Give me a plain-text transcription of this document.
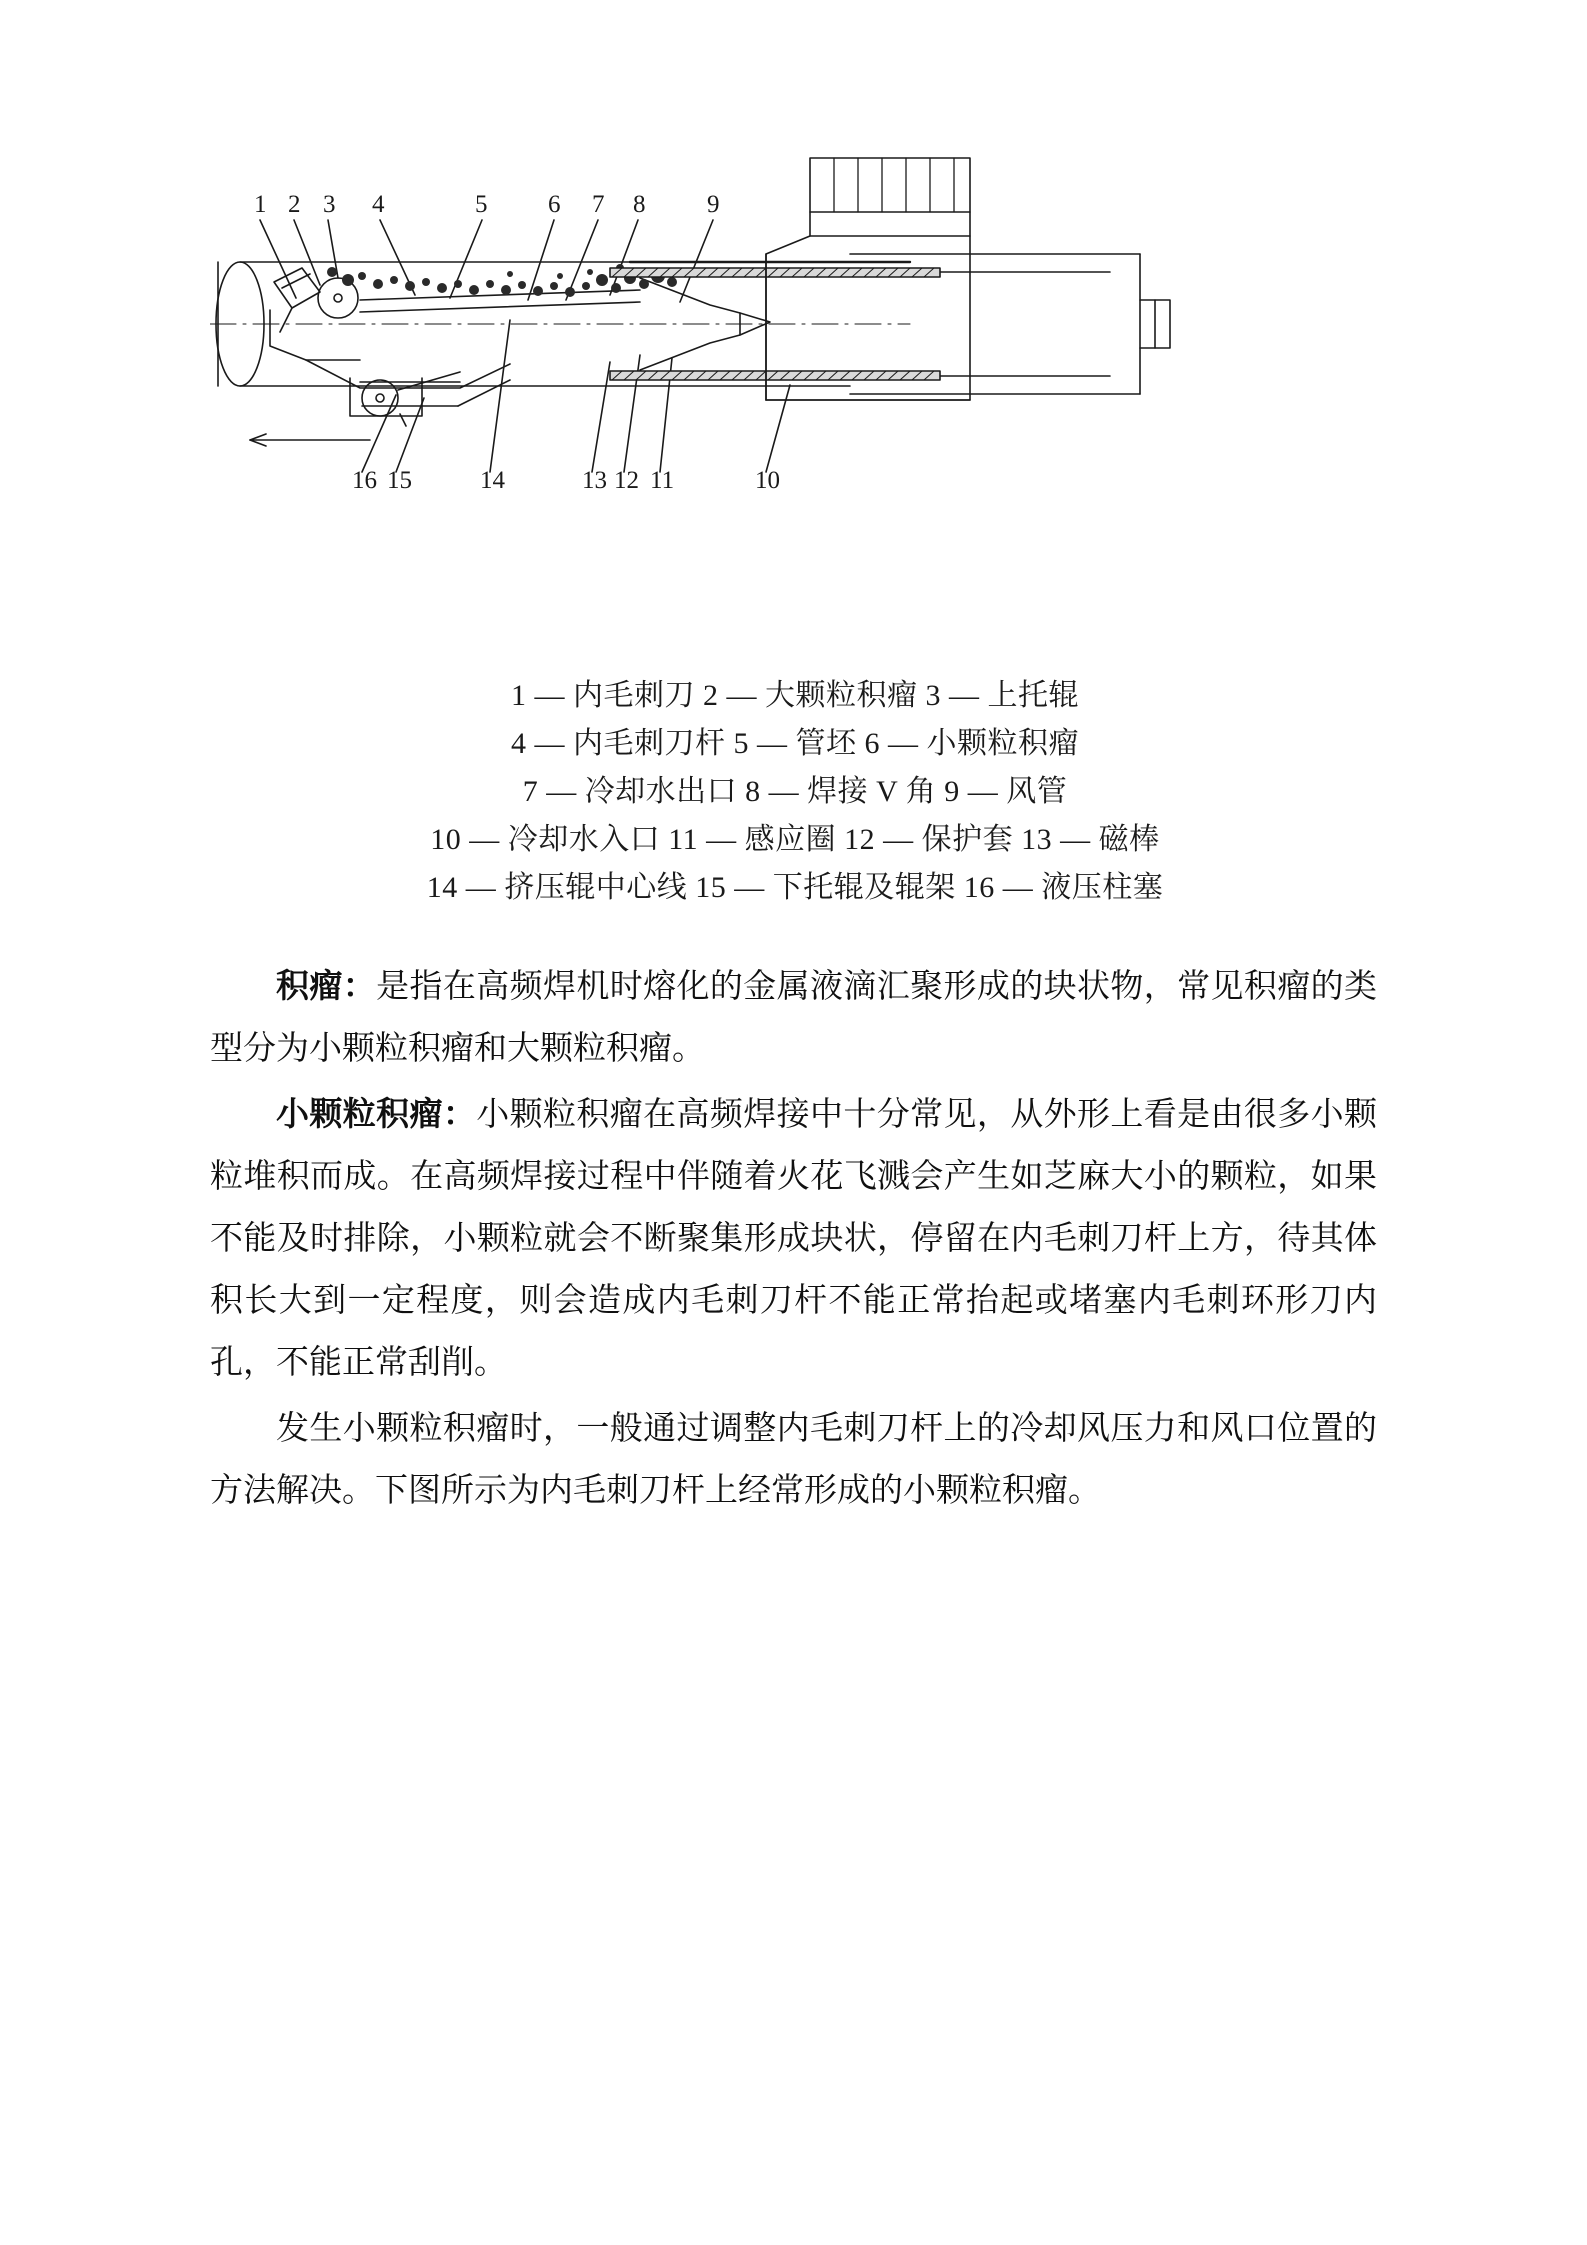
1 2 3 4	5 6 7 8 9
16 15	14	13 12 11	10
1 — 内毛刺刀 2 — 大颗粒积瘤 3 — 上托辊
4 — 内毛刺刀杆 5 — 管坯 6 — 小颗粒积瘤
7 — 冷却水出口 8 — 焊接 V 角 9 — 风管
10 — 冷却水入口 11 — 感应圈 12 — 保护套 13 — 磁棒
14 — 挤压辊中心线 15 — 下托辊及辊架 16 — 液压柱塞

积瘤：是指在高频焊机时熔化的金属液滴汇聚形成的块状物，常见积瘤的类型分为小颗粒积瘤和大颗粒积瘤。

小颗粒积瘤：小颗粒积瘤在高频焊接中十分常见，从外形上看是由很多小颗粒堆积而成。在高频焊接过程中伴随着火花飞溅会产生如芝麻大小的颗粒，如果不能及时排除，小颗粒就会不断聚集形成块状，停留在内毛刺刀杆上方，待其体积长大到一定程度，则会造成内毛刺刀杆不能正常抬起或堵塞内毛刺环形刀内孔，不能正常刮削。

发生小颗粒积瘤时，一般通过调整内毛刺刀杆上的冷却风压力和风口位置的方法解决。下图所示为内毛刺刀杆上经常形成的小颗粒积瘤。
